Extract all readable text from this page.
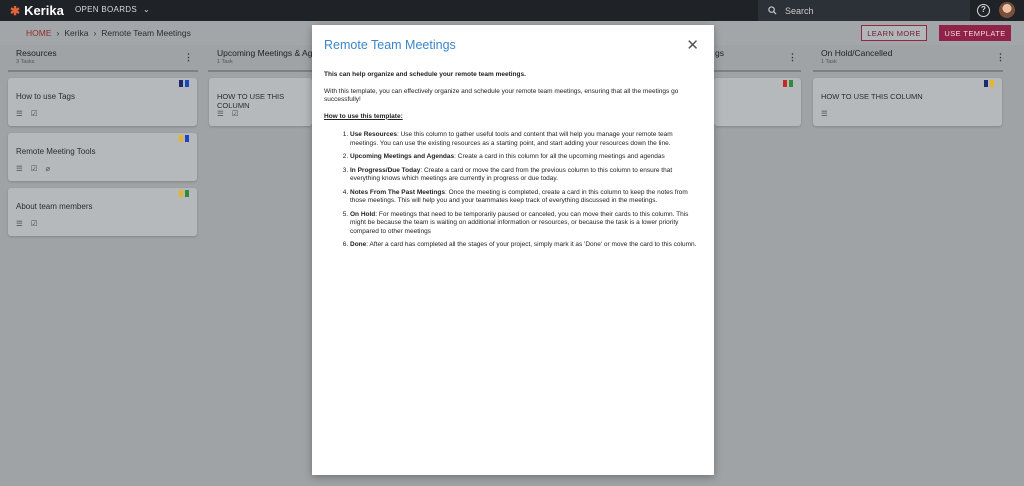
✱ Kerika OPEN BOARDS ⌄	Search	?
HOME › Kerika › Remote Team Meetings	LEARN MORE	USE TEMPLATE
Resources
3 Tasks	⋮
How to use Tags
☰ ☑
Remote Meeting Tools
☰ ☑ ⌀
About team members
☰ ☑
Upcoming Meetings & Ag
1 Task
HOW TO USE THIS COLUMN
☰ ☑
gs	⋮	On Hold/Cancelled
1 Task	⋮
HOW TO USE THIS COLUMN
☰
Remote Team Meetings	✕
This can help organize and schedule your remote team meetings.
With this template, you can effectively organize and schedule your remote team meetings, ensuring that all the meetings go successfully!
How to use this template:
1. Use Resources: Use this column to gather useful tools and content that will help you manage your remote team meetings. You can use the existing resources as a starting point, and start adding your resources down the line.
2. Upcoming Meetings and Agendas: Create a card in this column for all the upcoming meetings and agendas
3. In Progress/Due Today: Create a card or move the card from the previous column to this column to ensure that everything knows which meetings are currently in progress or due today.
4. Notes From The Past Meetings: Once the meeting is completed, create a card in this column to keep the notes from those meetings. This will help you and your teammates keep track of everything discussed in the meetings.
5. On Hold: For meetings that need to be temporarily paused or canceled, you can move their cards to this column. This might be because the team is waiting on additional information or resources, or because the task is a lower priority compared to other meetings
6. Done: After a card has completed all the stages of your project, simply mark it as 'Done' or move the card to this column.
